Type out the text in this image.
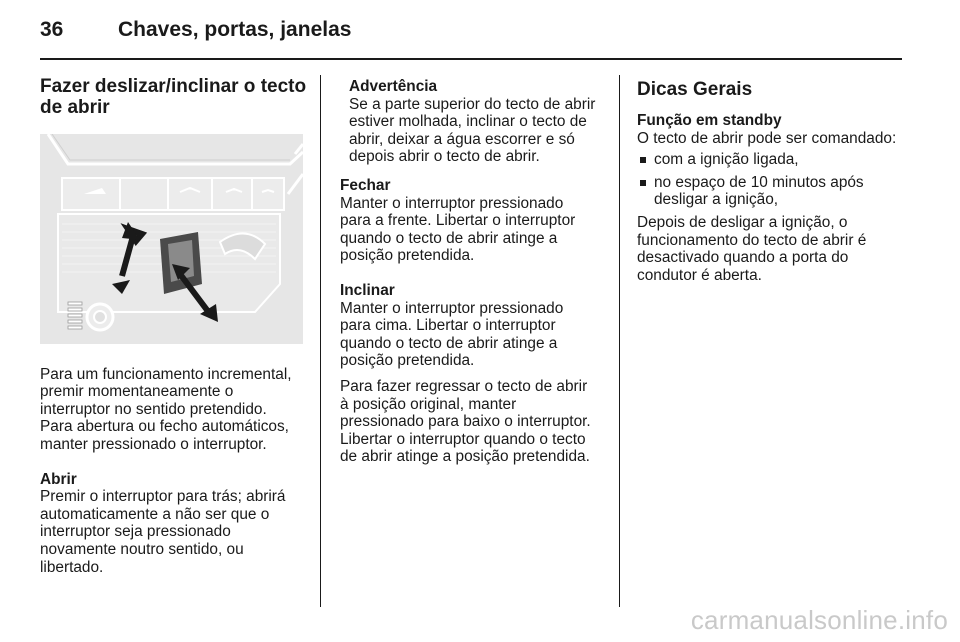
36	Chaves, portas, janelas

Fazer deslizar/inclinar o tecto de abrir

Para um funcionamento incremental,
premir momentaneamente o
interruptor no sentido pretendido.
Para abertura ou fecho automáticos,
manter pressionado o interruptor.

Abrir

Premir o interruptor para trás; abrirá
automaticamente a não ser que o
interruptor seja pressionado
novamente noutro sentido, ou
libertado.

Advertência

Se a parte superior do tecto de abrir
estiver molhada, inclinar o tecto de
abrir, deixar a água escorrer e só
depois abrir o tecto de abrir.

Fechar

Manter o interruptor pressionado
para a frente. Libertar o interruptor
quando o tecto de abrir atinge a
posição pretendida.

Inclinar

Manter o interruptor pressionado
para cima. Libertar o interruptor
quando o tecto de abrir atinge a
posição pretendida.

Para fazer regressar o tecto de abrir
à posição original, manter
pressionado para baixo o interruptor.
Libertar o interruptor quando o tecto
de abrir atinge a posição pretendida.

Dicas Gerais

Função em standby

O tecto de abrir pode ser comandado:

com a ignição ligada,
no espaço de 10 minutos após
desligar a ignição,

Depois de desligar a ignição, o
funcionamento do tecto de abrir é
desactivado quando a porta do
condutor é aberta.

carmanualsonline.info
